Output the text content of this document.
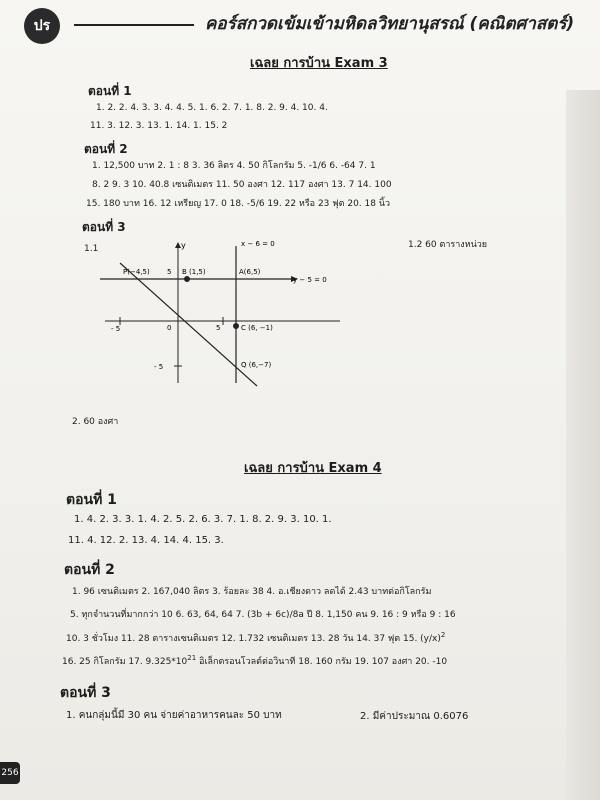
ปร	คอร์สกวดเข้มเข้ามหิดลวิทยานุสรณ์ (คณิตศาสตร์)
เฉลย การบ้าน Exam 3
ตอนที่ 1
1. 2. 2. 4. 3. 3. 4. 4. 5. 1. 6. 2. 7. 1. 8. 2. 9. 4. 10. 4.
11. 3. 12. 3. 13. 1. 14. 1. 15. 2
ตอนที่ 2
1. 12,500 บาท 2. 1 : 8 3. 36 ลิตร 4. 50 กิโลกรัม 5. -1/6 6. -64 7. 1
8. 2 9. 3 10. 40.8 เซนติเมตร 11. 50 องศา 12. 117 องศา 13. 7 14. 100
15. 180 บาท 16. 12 เหรียญ 17. 0 18. -5/6 19. 22 หรือ 23 ฟุต 20. 18 นิ้ว
ตอนที่ 3
1.1	1.2 60 ตารางหน่วย
y	x − 6 = 0
y − 5 = 0
P(−4,5) 5 B (1,5)	A(6,5)
- 5	0	5	C (6, −1)
- 5	Q (6,−7)
2. 60 องศา
เฉลย การบ้าน Exam 4
ตอนที่ 1
1. 4. 2. 3. 3. 1. 4. 2. 5. 2. 6. 3. 7. 1. 8. 2. 9. 3. 10. 1.
11. 4. 12. 2. 13. 4. 14. 4. 15. 3.
ตอนที่ 2
1. 96 เซนติเมตร 2. 167,040 ลิตร 3. ร้อยละ 38 4. อ.เชียงดาว ลดได้ 2.43 บาทต่อกิโลกรัม
5. ทุกจำนวนที่มากกว่า 10 6. 63, 64, 64 7. (3b + 6c)/8a ปี 8. 1,150 คน 9. 16 : 9 หรือ 9 : 16
10. 3 ชั่วโมง 11. 28 ตารางเซนติเมตร 12. 1.732 เซนติเมตร 13. 28 วัน 14. 37 ฟุต 15. $(y/x)^2$
16. 25 กิโลกรัม 17. $9.325*10^{21}$ อิเล็กตรอนโวลต์ต่อวินาที 18. 160 กรัม 19. 107 องศา 20. -10
ตอนที่ 3
1. คนกลุ่มนี้มี 30 คน จ่ายค่าอาหารคนละ 50 บาท	2. มีค่าประมาณ 0.6076
256
